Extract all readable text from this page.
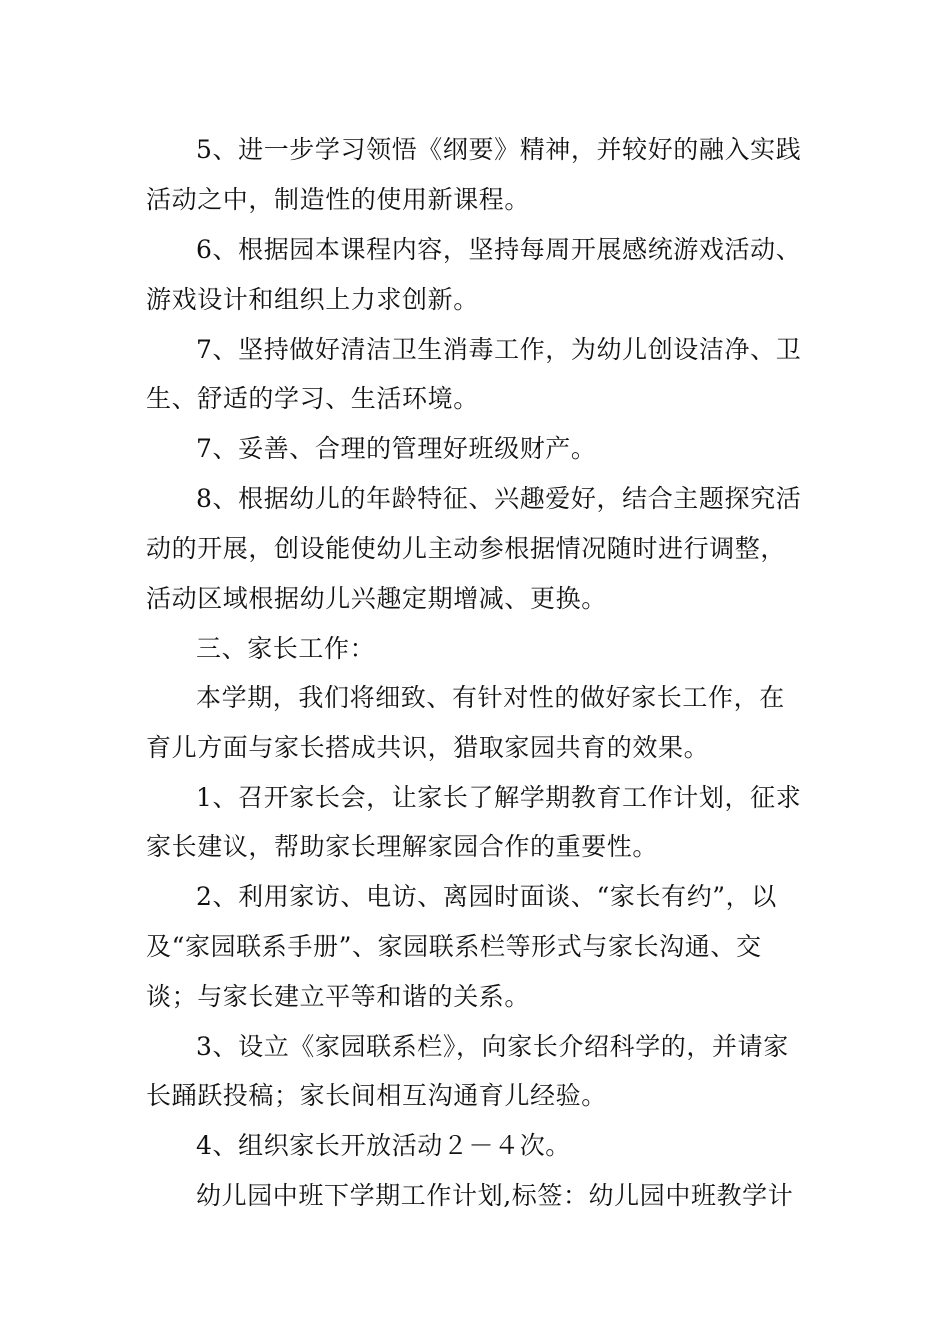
5、进一步学习领悟《纲要》精神，并较好的融入实践
活动之中，制造性的使用新课程。
6、根据园本课程内容，坚持每周开展感统游戏活动、
游戏设计和组织上力求创新。
7、坚持做好清洁卫生消毒工作，为幼儿创设洁净、卫
生、舒适的学习、生活环境。
7、妥善、合理的管理好班级财产。
8、根据幼儿的年龄特征、兴趣爱好，结合主题探究活
动的开展，创设能使幼儿主动参根据情况随时进行调整，
活动区域根据幼儿兴趣定期增减、更换。
三、家长工作：
本学期，我们将细致、有针对性的做好家长工作，在
育儿方面与家长搭成共识，猎取家园共育的效果。
1、召开家长会，让家长了解学期教育工作计划，征求
家长建议，帮助家长理解家园合作的重要性。
2、利用家访、电访、离园时面谈、“家长有约”，以
及“家园联系手册”、家园联系栏等形式与家长沟通、交
谈；与家长建立平等和谐的关系。
3、设立《家园联系栏》，向家长介绍科学的，并请家
长踊跃投稿；家长间相互沟通育儿经验。
4、组织家长开放活动２－４次。
幼儿园中班下学期工作计划,标签：幼儿园中班教学计
